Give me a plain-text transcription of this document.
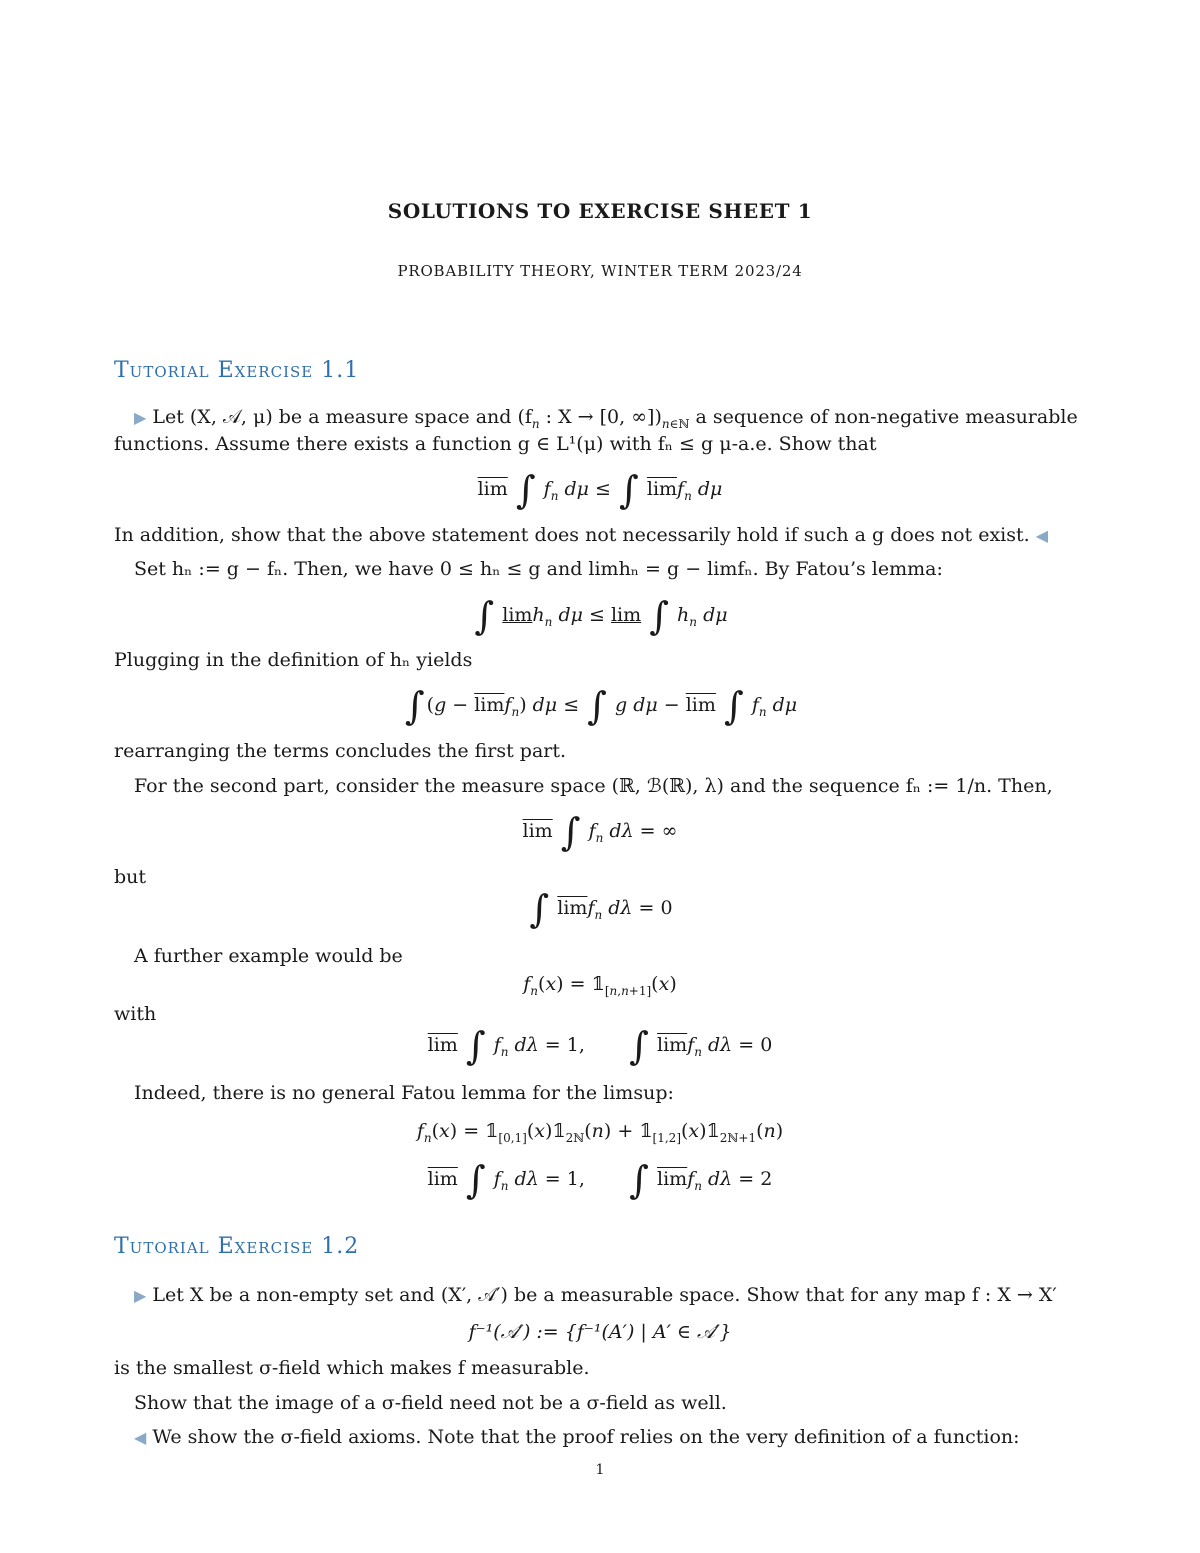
SOLUTIONS TO EXERCISE SHEET 1
PROBABILITY THEORY, WINTER TERM 2023/24
Tutorial Exercise 1.1
▶ Let (X, 𝒜, μ) be a measure space and ($f_n$ : X → [0, $\infty])_{n\in ℕ}$ a sequence of non-negative measurable
functions. Assume there exists a function g ∈ L¹(μ) with fₙ ≤ g μ-a.e. Show that
$\overline{lim}$ ∫ $f_n$ dμ ≤ ∫ $\overline{lim}f_n$ dμ
In addition, show that the above statement does not necessarily hold if such a g does not exist. ◀
Set hₙ := g − fₙ. Then, we have 0 ≤ hₙ ≤ g and limhₙ = g − limfₙ. By Fatou’s lemma:
∫ limh$_n$ dμ ≤ lim ∫ $h_n$ dμ
Plugging in the definition of hₙ yields
∫ $(g - \overline{lim}f_n)$ dμ ≤ ∫ g $d\mu - \overline{lim}$ ∫ $f_n$ dμ
rearranging the terms concludes the first part.
For the second part, consider the measure space (ℝ, ℬ(ℝ), λ) and the sequence fₙ := 1/n. Then,
$\overline{lim}$ ∫ $f_n$ dλ = ∞
but
∫ $\overline{lim}f_n$ dλ = 0
A further example would be
$f_n(x)$ = $𝟙_{[n,n+1]}(x)$
with
$\overline{lim}$ ∫ $f_n$ dλ = 1,       ∫ $\overline{lim}f_n$ dλ = 0
Indeed, there is no general Fatou lemma for the limsup:
$f_n(x)$ = $𝟙_{[0,1]}(x)𝟙_{2ℕ}(n)$ + $𝟙_{[1,2]}(x)𝟙_{2ℕ+1}(n)$
$\overline{lim}$ ∫ $f_n$ dλ = 1,       ∫ $\overline{lim}f_n$ dλ = 2
Tutorial Exercise 1.2
▶ Let X be a non-empty set and (X′, 𝒜′) be a measurable space. Show that for any map f : X → X′
f⁻¹(𝒜′) := {f⁻¹(A′) | A′ ∈ 𝒜′}
is the smallest σ-field which makes f measurable.
Show that the image of a σ-field need not be a σ-field as well.
◀ We show the σ-field axioms. Note that the proof relies on the very definition of a function:
1
